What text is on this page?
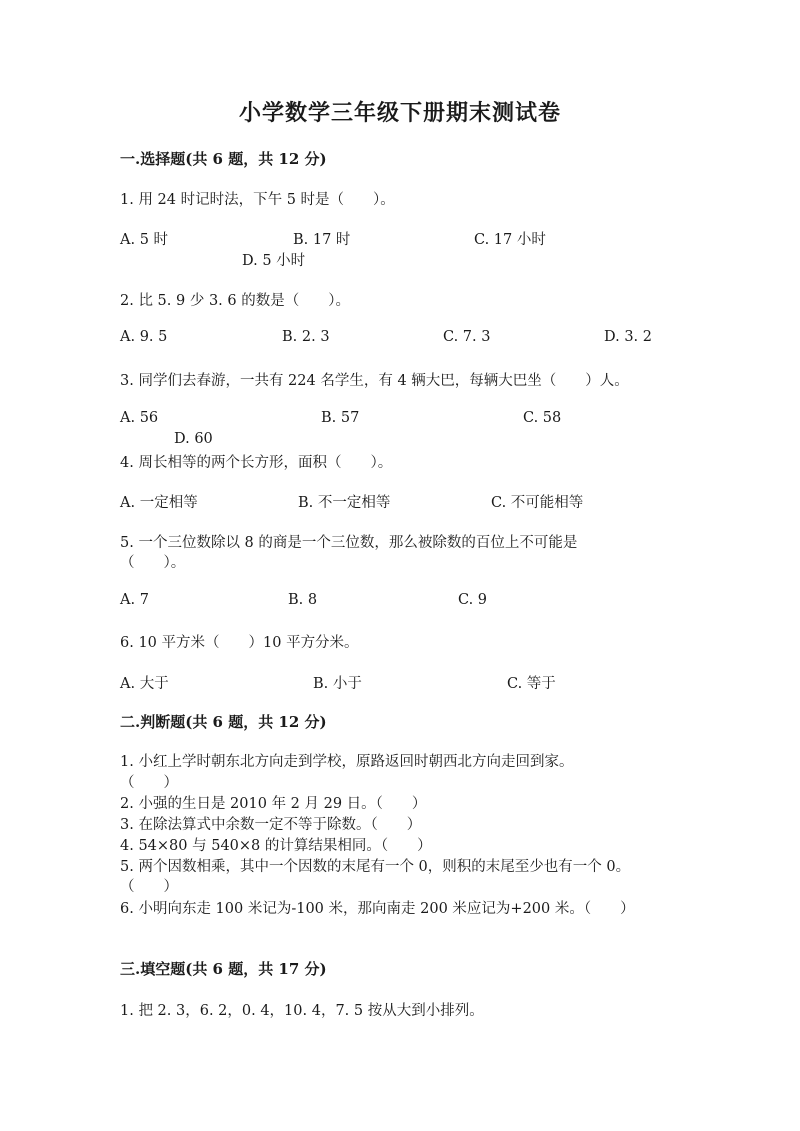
小学数学三年级下册期末测试卷
一.选择题(共 6 题，共 12 分)
1. 用 24 时记时法，下午 5 时是（　　）。
A. 5 时	B. 17 时	C. 17 小时
D. 5 小时
2. 比 5. 9 少 3. 6 的数是（　　）。
A. 9. 5	B. 2. 3	C. 7. 3	D. 3. 2
3. 同学们去春游，一共有 224 名学生，有 4 辆大巴，每辆大巴坐（　　）人。
A. 56	B. 57	C. 58
D. 60
4. 周长相等的两个长方形，面积（　　）。
A. 一定相等	B. 不一定相等	C. 不可能相等
5. 一个三位数除以 8 的商是一个三位数，那么被除数的百位上不可能是
（　　）。
A. 7	B. 8	C. 9
6. 10 平方米（　　）10 平方分米。
A. 大于	B. 小于	C. 等于
二.判断题(共 6 题，共 12 分)
1. 小红上学时朝东北方向走到学校，原路返回时朝西北方向走回到家。
（　　）
2. 小强的生日是 2010 年 2 月 29 日。（　　）
3. 在除法算式中余数一定不等于除数。（　　）
4. 54×80 与 540×8 的计算结果相同。（　　）
5. 两个因数相乘，其中一个因数的末尾有一个 0，则积的末尾至少也有一个 0。
（　　）
6. 小明向东走 100 米记为-100 米，那向南走 200 米应记为+200 米。（　　）
三.填空题(共 6 题，共 17 分)
1. 把 2. 3，6. 2，0. 4，10. 4，7. 5 按从大到小排列。
